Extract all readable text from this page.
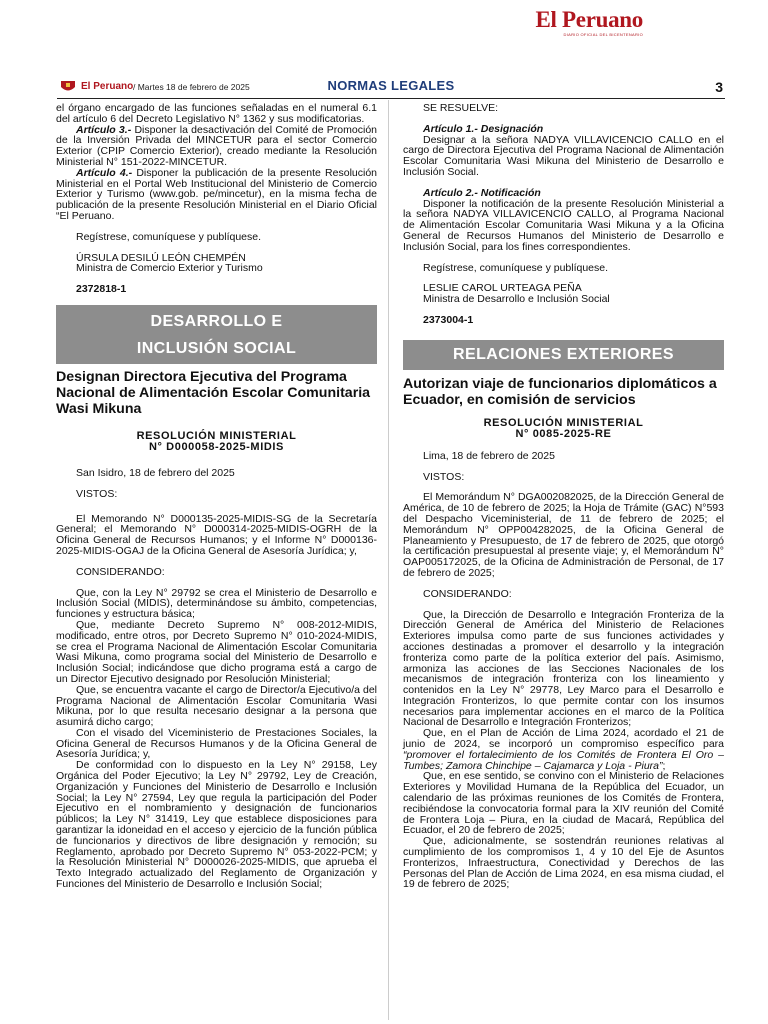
El Peruano
DIARIO OFICIAL DEL BICENTENARIO
El Peruano / Martes 18 de febrero de 2025	NORMAS LEGALES	3

el órgano encargado de las funciones señaladas en el numeral 6.1 del artículo 6 del Decreto Legislativo N° 1362 y sus modificatorias.

Artículo 3.- Disponer la desactivación del Comité de Promoción de la Inversión Privada del MINCETUR para el sector Comercio Exterior (CPIP Comercio Exterior), creado mediante la Resolución Ministerial N° 151-2022-MINCETUR.

Artículo 4.- Disponer la publicación de la presente Resolución Ministerial en el Portal Web Institucional del Ministerio de Comercio Exterior y Turismo (www.gob. pe/mincetur), en la misma fecha de publicación de la presente Resolución Ministerial en el Diario Oficial “El Peruano.

Regístrese, comuníquese y publíquese.

ÚRSULA DESILÚ LEÓN CHEMPÉN

Ministra de Comercio Exterior y Turismo

2372818-1

DESARROLLO E
INCLUSIÓN SOCIAL
Designan Directora Ejecutiva del Programa Nacional de Alimentación Escolar Comunitaria Wasi Mikuna
RESOLUCIÓN MINISTERIAL
N° D000058-2025-MIDIS

San Isidro, 18 de febrero del 2025

VISTOS:

El Memorando N° D000135-2025-MIDIS-SG de la Secretaría General; el Memorando N° D000314-2025-MIDIS-OGRH de la Oficina General de Recursos Humanos; y el Informe N° D000136-2025-MIDIS-OGAJ de la Oficina General de Asesoría Jurídica; y,

CONSIDERANDO:

Que, con la Ley N° 29792 se crea el Ministerio de Desarrollo e Inclusión Social (MIDIS), determinándose su ámbito, competencias, funciones y estructura básica;

Que, mediante Decreto Supremo N° 008-2012-MIDIS, modificado, entre otros, por Decreto Supremo N° 010-2024-MIDIS, se crea el Programa Nacional de Alimentación Escolar Comunitaria Wasi Mikuna, como programa social del Ministerio de Desarrollo e Inclusión Social; indicándose que dicho programa está a cargo de un Director Ejecutivo designado por Resolución Ministerial;

Que, se encuentra vacante el cargo de Director/a Ejecutivo/a del Programa Nacional de Alimentación Escolar Comunitaria Wasi Mikuna, por lo que resulta necesario designar a la persona que asumirá dicho cargo;

Con el visado del Viceministerio de Prestaciones Sociales, la Oficina General de Recursos Humanos y de la Oficina General de Asesoría Jurídica; y,

De conformidad con lo dispuesto en la Ley N° 29158, Ley Orgánica del Poder Ejecutivo; la Ley N° 29792, Ley de Creación, Organización y Funciones del Ministerio de Desarrollo e Inclusión Social; la Ley N° 27594, Ley que regula la participación del Poder Ejecutivo en el nombramiento y designación de funcionarios públicos; la Ley N° 31419, Ley que establece disposiciones para garantizar la idoneidad en el acceso y ejercicio de la función pública de funcionarios y directivos de libre designación y remoción; su Reglamento, aprobado por Decreto Supremo N° 053-2022-PCM; y la Resolución Ministerial N° D000026-2025-MIDIS, que aprueba el Texto Integrado actualizado del Reglamento de Organización y Funciones del Ministerio de Desarrollo e Inclusión Social;

SE RESUELVE:

Artículo 1.- Designación

Designar a la señora NADYA VILLAVICENCIO CALLO en el cargo de Directora Ejecutiva del Programa Nacional de Alimentación Escolar Comunitaria Wasi Mikuna del Ministerio de Desarrollo e Inclusión Social.

Artículo 2.- Notificación

Disponer la notificación de la presente Resolución Ministerial a la señora NADYA VILLAVICENCIO CALLO, al Programa Nacional de Alimentación Escolar Comunitaria Wasi Mikuna y a la Oficina General de Recursos Humanos del Ministerio de Desarrollo e Inclusión Social, para los fines correspondientes.

Regístrese, comuníquese y publíquese.

LESLIE CAROL URTEAGA PEÑA

Ministra de Desarrollo e Inclusión Social

2373004-1

RELACIONES EXTERIORES
Autorizan viaje de funcionarios diplomáticos a Ecuador, en comisión de servicios
RESOLUCIÓN MINISTERIAL
N° 0085-2025-RE

Lima, 18 de febrero de 2025

VISTOS:

El Memorándum N° DGA002082025, de la Dirección General de América, de 10 de febrero de 2025; la Hoja de Trámite (GAC) N°593 del Despacho Viceministerial, de 11 de febrero de 2025; el Memorándum N° OPP004282025, de la Oficina General de Planeamiento y Presupuesto, de 17 de febrero de 2025, que otorgó la certificación presupuestal al presente viaje; y, el Memorándum N° OAP005172025, de la Oficina de Administración de Personal, de 17 de febrero de 2025;

CONSIDERANDO:

Que, la Dirección de Desarrollo e Integración Fronteriza de la Dirección General de América del Ministerio de Relaciones Exteriores impulsa como parte de sus funciones actividades y acciones destinadas a promover el desarrollo y la integración fronteriza como parte de la política exterior del país. Asimismo, armoniza las acciones de las Secciones Nacionales de los mecanismos de integración fronteriza con los lineamiento y contenidos en la Ley N° 29778, Ley Marco para el Desarrollo e Integración Fronterizos, lo que permite contar con los insumos necesarios para implementar acciones en el marco de la Política Nacional de Desarrollo e Integración Fronterizos;

Que, en el Plan de Acción de Lima 2024, acordado el 21 de junio de 2024, se incorporó un compromiso específico para “promover el fortalecimiento de los Comités de Frontera El Oro – Tumbes; Zamora Chinchipe – Cajamarca y Loja - Piura”;

Que, en ese sentido, se convino con el Ministerio de Relaciones Exteriores y Movilidad Humana de la República del Ecuador, un calendario de las próximas reuniones de los Comités de Frontera, recibiéndose la convocatoria formal para la XIV reunión del Comité de Frontera Loja – Piura, en la ciudad de Macará, República del Ecuador, el 20 de febrero de 2025;

Que, adicionalmente, se sostendrán reuniones relativas al cumplimiento de los compromisos 1, 4 y 10 del Eje de Asuntos Fronterizos, Infraestructura, Conectividad y Derechos de las Personas del Plan de Acción de Lima 2024, en esa misma ciudad, el 19 de febrero de 2025;
